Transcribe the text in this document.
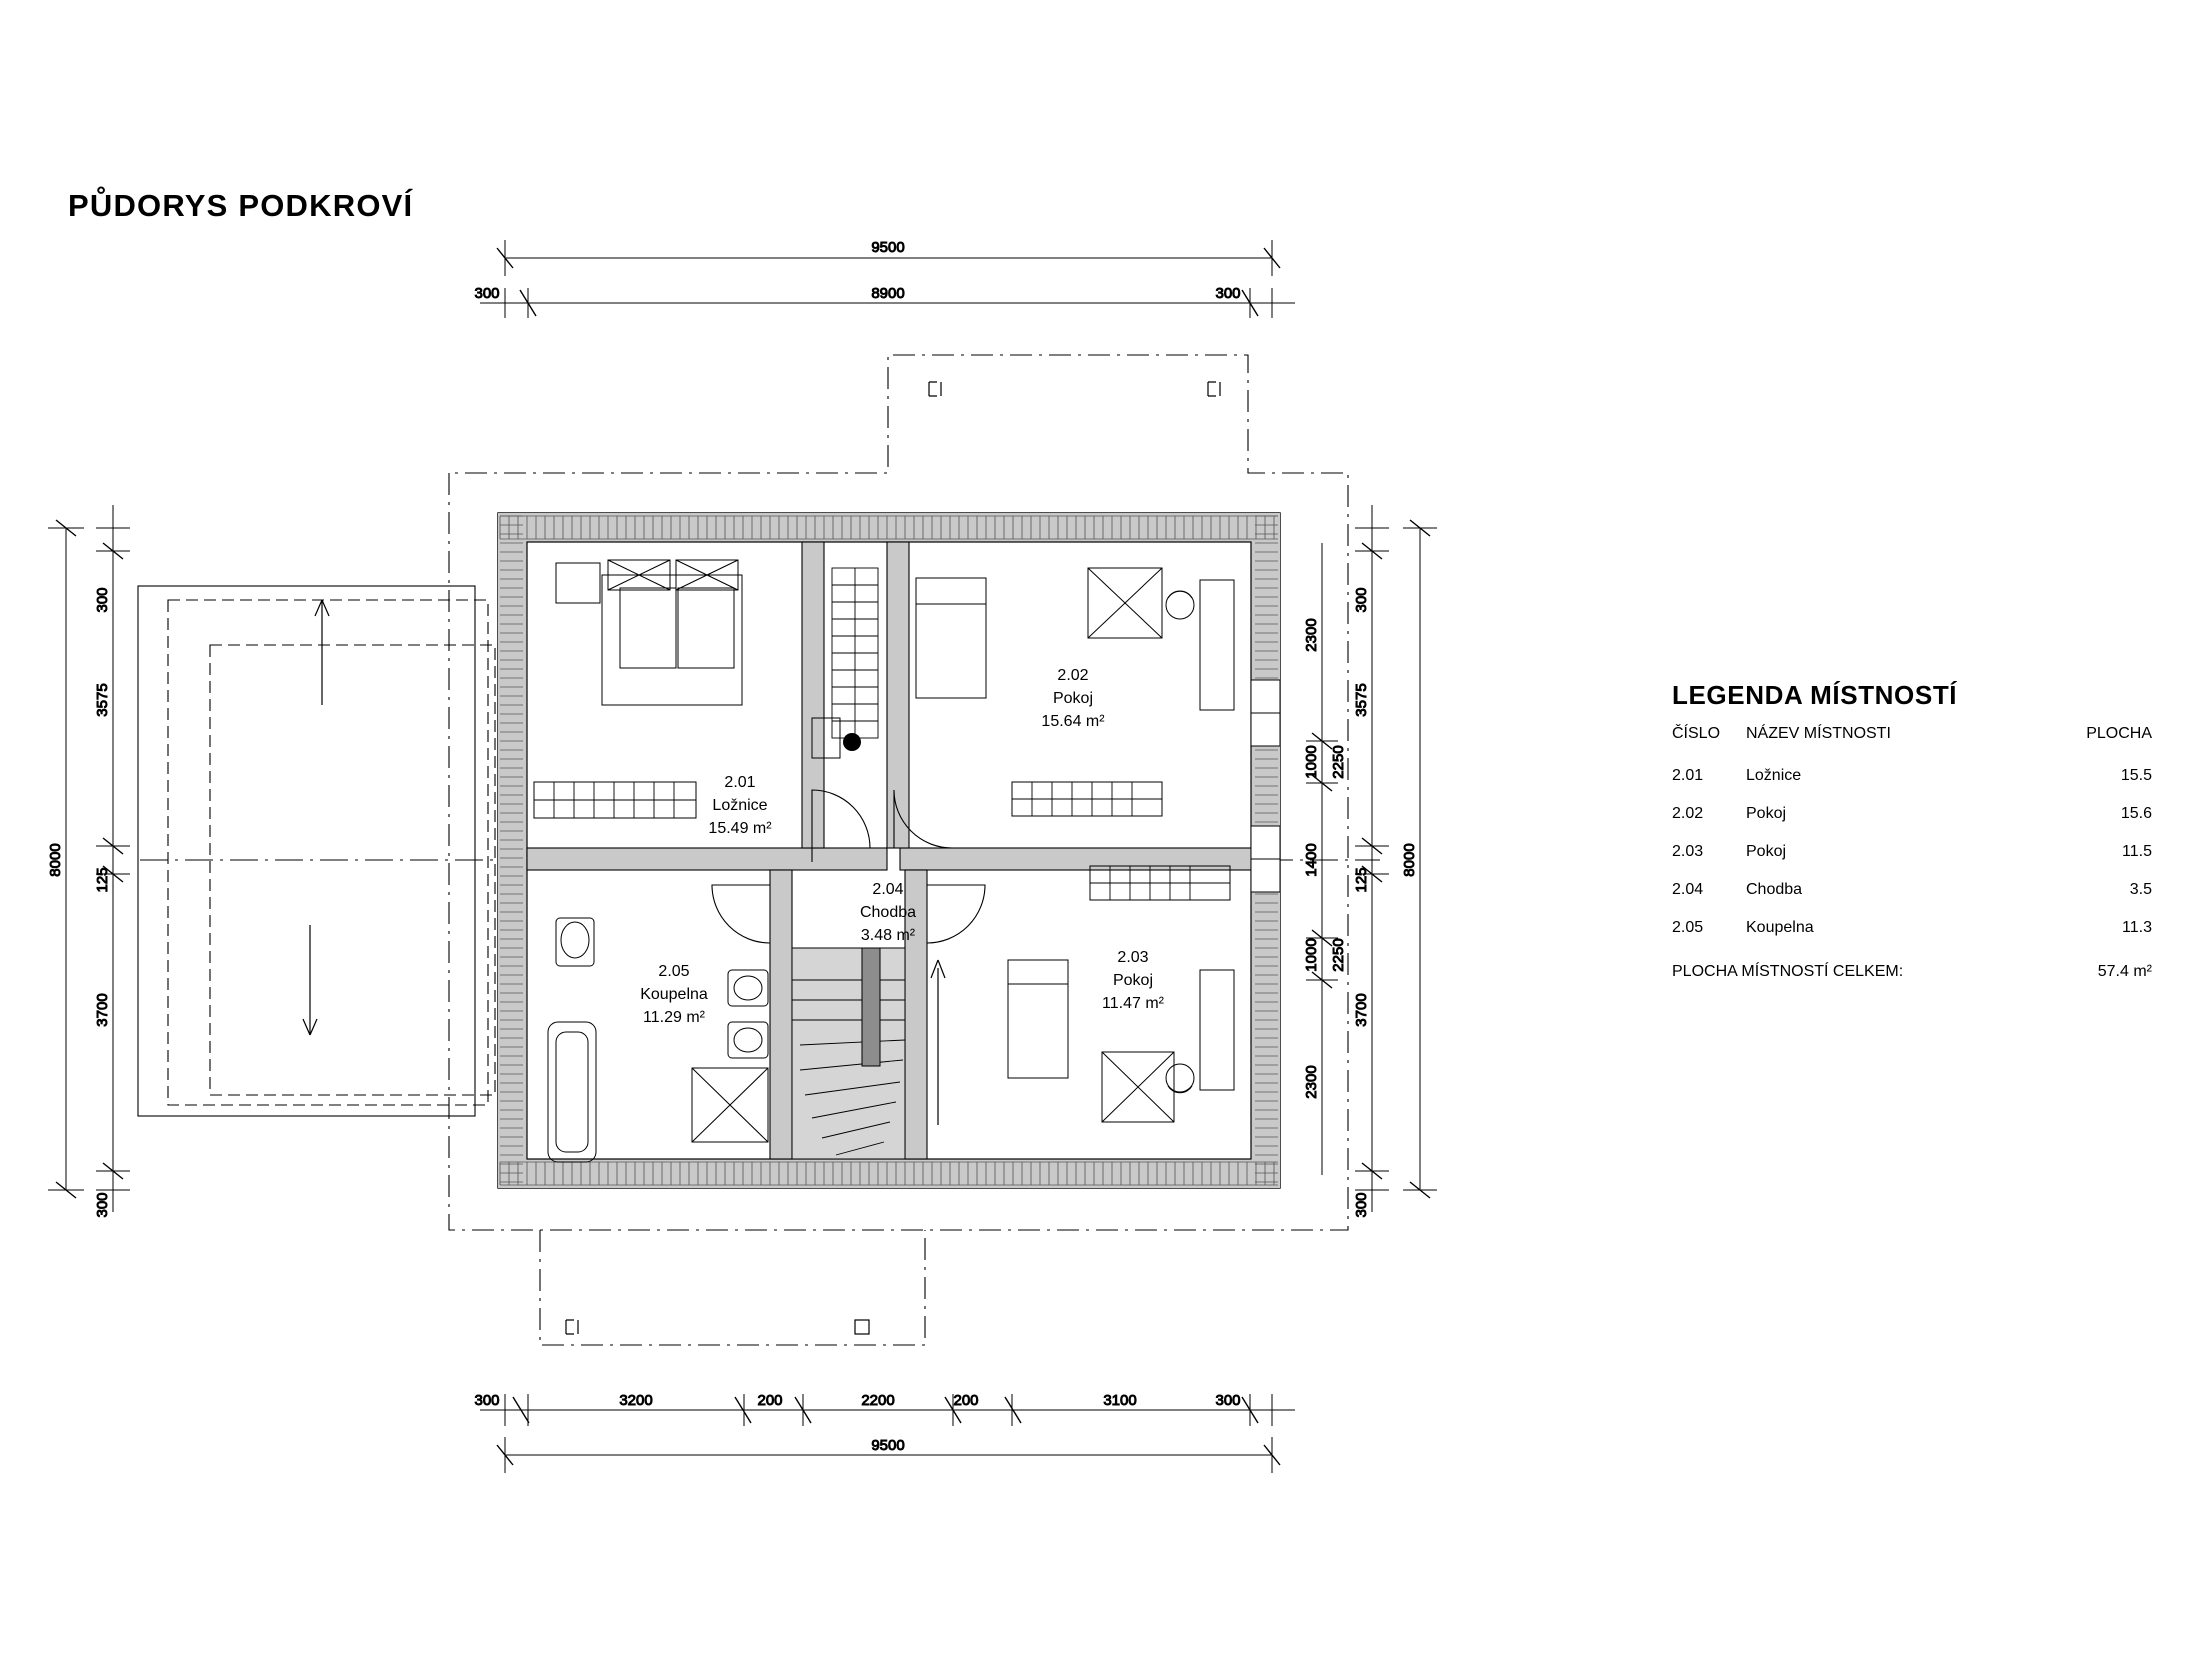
PŮDORYS PODKROVÍ
9500
300	8900	300
8000
300
3575
125
3700
300
300
3575
125
3700
300
8000
2300
1000
1400
1000
2300
2250
2250
300	3200	200	2200	200	3100	300
9500
2.01
Ložnice
15.49 m²
2.02
Pokoj
15.64 m²
2.03
Pokoj
11.47 m²
2.04
Chodba
3.48 m²
2.05
Koupelna
11.29 m²
LEGENDA MÍSTNOSTÍ
ČÍSLO	NÁZEV MÍSTNOSTI	PLOCHA
2.01	Ložnice	15.5
2.02	Pokoj	15.6
2.03	Pokoj	11.5
2.04	Chodba	3.5
2.05	Koupelna	11.3
PLOCHA MÍSTNOSTÍ CELKEM:		57.4 m²
